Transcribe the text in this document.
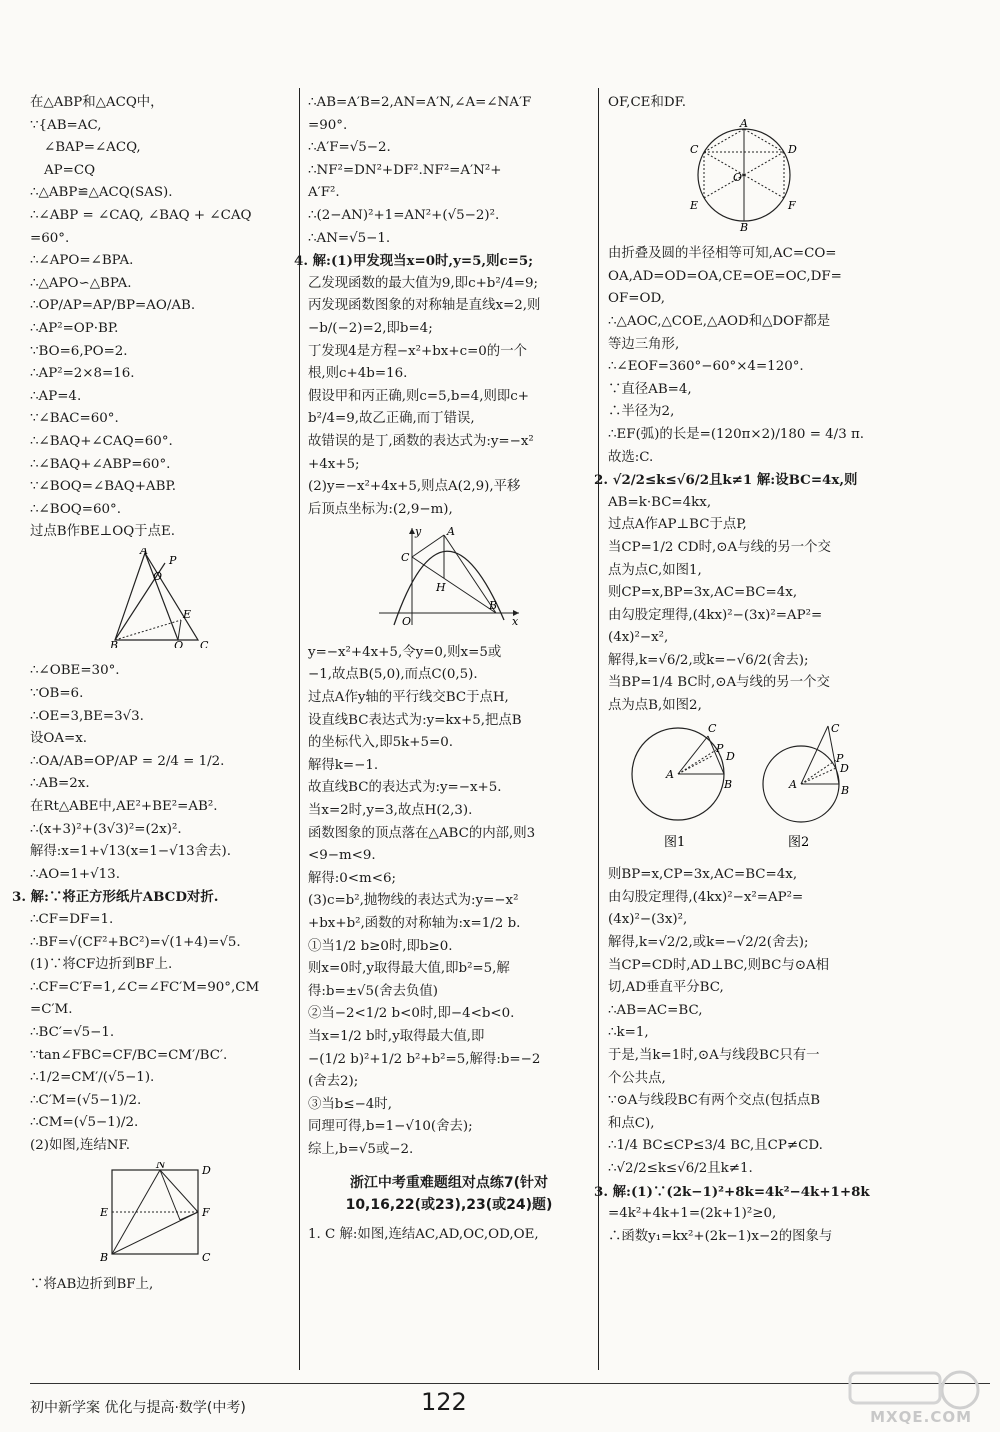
在△ABP和△ACQ中，
∵{AB=AC,
∠BAP=∠ACQ,
AP=CQ
∴△ABP≌△ACQ(SAS).
∴∠ABP = ∠CAQ, ∠BAQ + ∠CAQ
=60°.
∴∠APO=∠BPA.
∴△APO∽△BPA.
∴OP/AP=AP/BP=AO/AB.
∴AP²=OP·BP.
∵BO=6,PO=2.
∴AP²=2×8=16.
∴AP=4.
∵∠BAC=60°.
∴∠BAQ+∠CAQ=60°.
∴∠BAQ+∠ABP=60°.
∵∠BOQ=∠BAQ+ABP.
∴∠BOQ=60°.
过点B作BE⊥OQ于点E.
A
P
O
E
B	Q C
∴∠OBE=30°.
∵OB=6.
∴OE=3,BE=3√3.
设OA=x.
∴OA/AB=OP/AP = 2/4 = 1/2.
∴AB=2x.
在Rt△ABE中,AE²+BE²=AB².
∴(x+3)²+(3√3)²=(2x)².
解得:x=1+√13(x=1−√13舍去).
∴AO=1+√13.
3. 解:∵将正方形纸片ABCD对折.
∴CF=DF=1.
∴BF=√(CF²+BC²)=√(1+4)=√5.
(1)∵将CF边折到BF上.
∴CF=C′F=1,∠C=∠FC′M=90°,CM
=C′M.
∴BC′=√5−1.
∵tan∠FBC=CF/BC=CM′/BC′.
∴1/2=CM′/(√5−1).
∴C′M=(√5−1)/2.
∴CM=(√5−1)/2.
(2)如图,连结NF.
N	D
E	F
B	C
∵将AB边折到BF上,
∴AB=A′B=2,AN=A′N,∠A=∠NA′F
=90°.
∴A′F=√5−2.
∴NF²=DN²+DF².NF²=A′N²+
A′F².
∴(2−AN)²+1=AN²+(√5−2)².
∴AN=√5−1.
4. 解:(1)甲发现当x=0时,y=5,则c=5;
乙发现函数的最大值为9,即c+b²/4=9;
丙发现函数图象的对称轴是直线x=2,则
−b/(−2)=2,即b=4;
丁发现4是方程−x²+bx+c=0的一个
根,则c+4b=16.
假设甲和丙正确,则c=5,b=4,则即c+
b²/4=9,故乙正确,而丁错误,
故错误的是丁,函数的表达式为:y=−x²
+4x+5;
(2)y=−x²+4x+5,则点A(2,9),平移
后顶点坐标为:(2,9−m),
y A
C
H
O
B
x
y=−x²+4x+5,令y=0,则x=5或
−1,故点B(5,0),而点C(0,5).
过点A作y轴的平行线交BC于点H,
设直线BC表达式为:y=kx+5,把点B
的坐标代入,即5k+5=0.
解得k=−1.
故直线BC的表达式为:y=−x+5.
当x=2时,y=3,故点H(2,3).
函数图象的顶点落在△ABC的内部,则3
<9−m<9.
解得:0<m<6;
(3)c=b²,抛物线的表达式为:y=−x²
+bx+b²,函数的对称轴为:x=1/2 b.
①当1/2 b≥0时,即b≥0.
则x=0时,y取得最大值,即b²=5,解
得:b=±√5(舍去负值)
②当−2<1/2 b<0时,即−4<b<0.
当x=1/2 b时,y取得最大值,即
−(1/2 b)²+1/2 b²+b²=5,解得:b=−2
(舍去2);
③当b≤−4时,
同理可得,b=1−√10(舍去);
综上,b=√5或−2.
浙江中考重难题组对点练7(针对10,16,22(或23),23(或24)题)
1. C 解:如图,连结AC,AD,OC,OD,OE,
OF,CE和DF.
A
C	D
O
E	F
B
由折叠及圆的半径相等可知,AC=CO=
OA,AD=OD=OA,CE=OE=OC,DF=
OF=OD,
∴△AOC,△COE,△AOD和△DOF都是
等边三角形,
∴∠EOF=360°−60°×4=120°.
∵直径AB=4,
∴半径为2,
∴EF(弧)的长是=(120π×2)/180 = 4/3 π.
故选:C.
2. √2/2≤k≤√6/2且k≠1 解:设BC=4x,则
AB=k·BC=4kx,
过点A作AP⊥BC于点P,
当CP=1/2 CD时,⊙A与线的另一个交
点为点C,如图1,
则CP=x,BP=3x,AC=BC=4x,
由勾股定理得,(4kx)²−(3x)²=AP²=
(4x)²−x²,
解得,k=√6/2,或k=−√6/2(舍去);
当BP=1/4 BC时,⊙A与线的另一个交
点为点B,如图2,
C
P
D
A
B
C
P
D
A	B
图1	图2
则BP=x,CP=3x,AC=BC=4x,
由勾股定理得,(4kx)²−x²=AP²=
(4x)²−(3x)²,
解得,k=√2/2,或k=−√2/2(舍去);
当CP=CD时,AD⊥BC,则BC与⊙A相
切,AD垂直平分BC,
∴AB=AC=BC,
∴k=1,
于是,当k=1时,⊙A与线段BC只有一
个公共点,
∵⊙A与线段BC有两个交点(包括点B
和点C),
∴1/4 BC≤CP≤3/4 BC,且CP≠CD.
∴√2/2≤k≤√6/2且k≠1.
3. 解:(1)∵(2k−1)²+8k=4k²−4k+1+8k
=4k²+4k+1=(2k+1)²≥0,
∴函数y₁=kx²+(2k−1)x−2的图象与
初中新学案 优化与提高·数学(中考)	122
MXQE.COM
